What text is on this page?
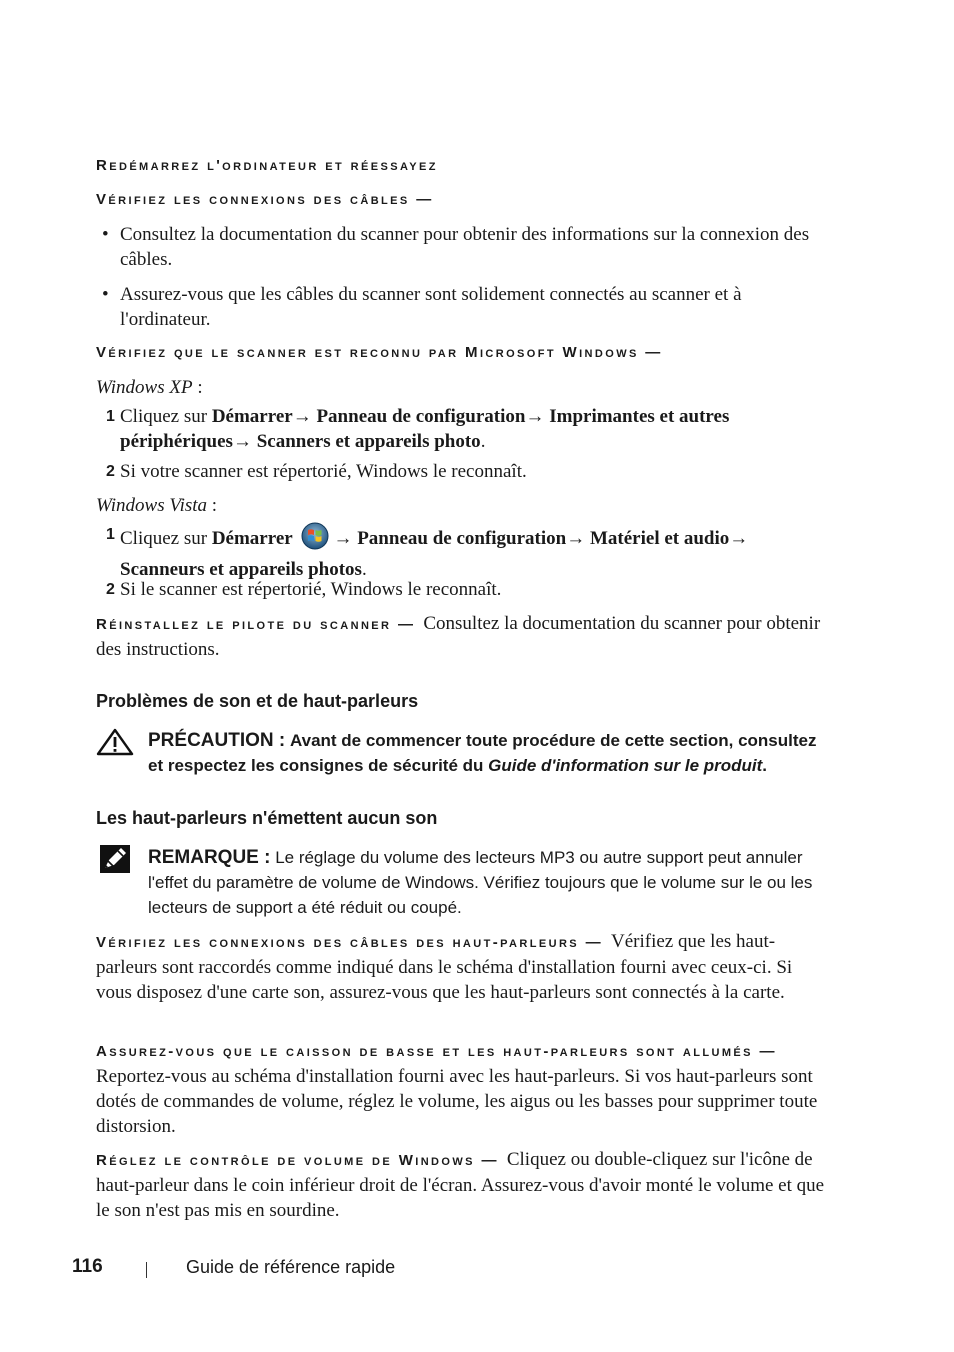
Redémarrez l'ordinateur et réessayez
Vérifiez les connexions des câbles —
• Consultez la documentation du scanner pour obtenir des informations sur la connexion des câbles.
• Assurez-vous que les câbles du scanner sont solidement connectés au scanner et à l'ordinateur.
Vérifiez que le scanner est reconnu par Microsoft Windows —
Windows XP :
1 Cliquez sur Démarrer→ Panneau de configuration→ Imprimantes et autres périphériques→ Scanners et appareils photo.
2 Si votre scanner est répertorié, Windows le reconnaît.
Windows Vista :
1 Cliquez sur Démarrer → Panneau de configuration→ Matériel et audio→ Scanneurs et appareils photos.
2 Si le scanner est répertorié, Windows le reconnaît.

Réinstallez le pilote du scanner — Consultez la documentation du scanner pour obtenir des instructions.

Problèmes de son et de haut-parleurs
PRÉCAUTION : Avant de commencer toute procédure de cette section, consultez et respectez les consignes de sécurité du Guide d'information sur le produit.
Les haut-parleurs n'émettent aucun son
REMARQUE : Le réglage du volume des lecteurs MP3 ou autre support peut annuler l'effet du paramètre de volume de Windows. Vérifiez toujours que le volume sur le ou les lecteurs de support a été réduit ou coupé.

Vérifiez les connexions des câbles des haut-parleurs — Vérifiez que les haut-parleurs sont raccordés comme indiqué dans le schéma d'installation fourni avec ceux-ci. Si vous disposez d'une carte son, assurez-vous que les haut-parleurs sont connectés à la carte.

Assurez-vous que le caisson de basse et les haut-parleurs sont allumés —Reportez-vous au schéma d'installation fourni avec les haut-parleurs. Si vos haut-parleurs sont dotés de commandes de volume, réglez le volume, les aigus ou les basses pour supprimer toute distorsion.

Réglez le contrôle de volume de Windows — Cliquez ou double-cliquez sur l'icône de haut-parleur dans le coin inférieur droit de l'écran. Assurez-vous d'avoir monté le volume et que le son n'est pas mis en sourdine.

116	Guide de référence rapide
